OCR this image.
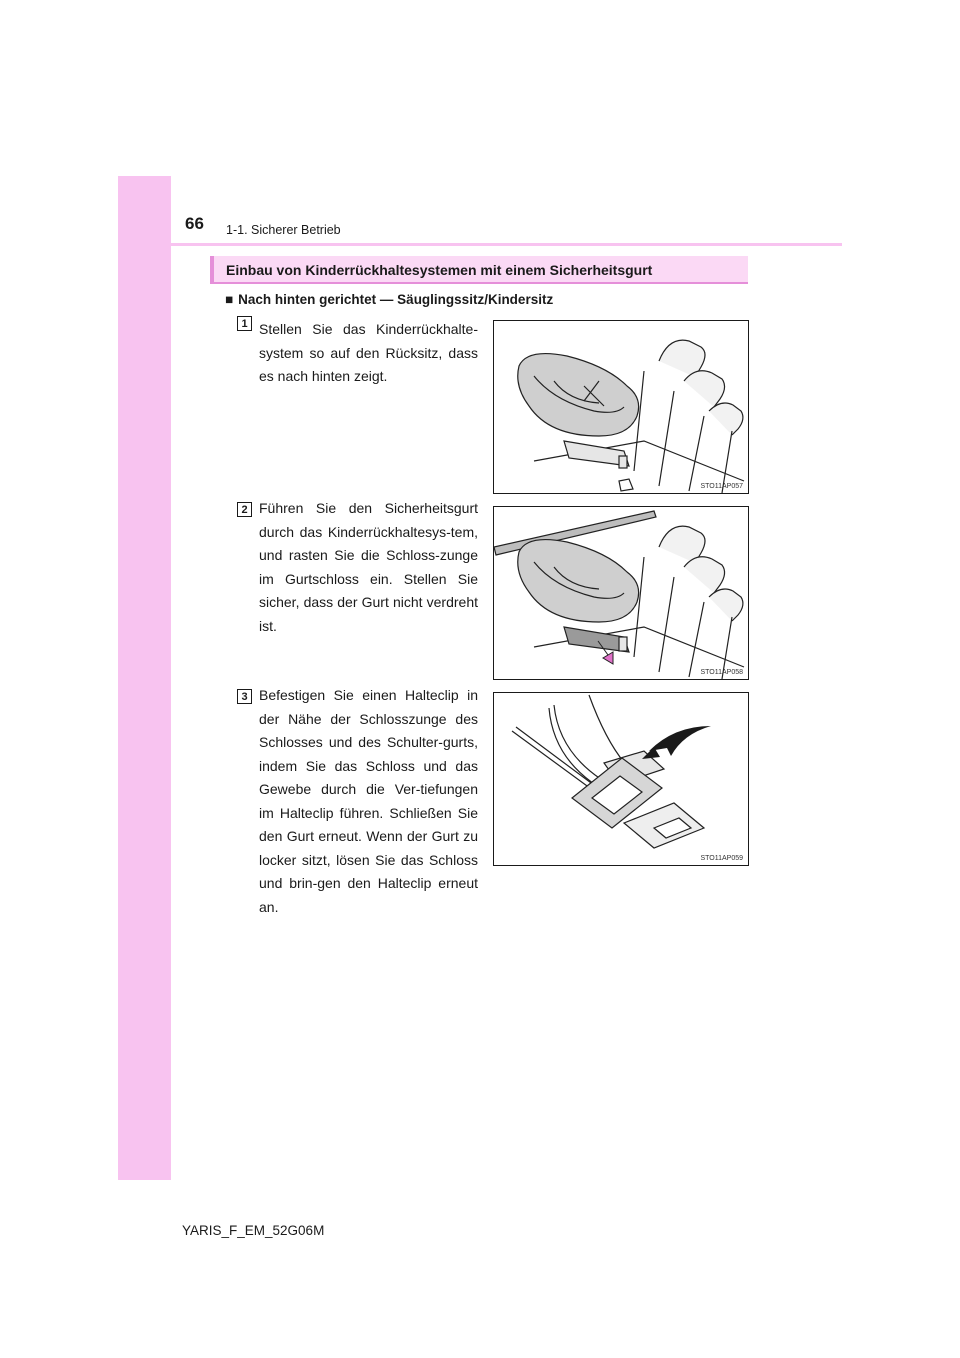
66 1-1. Sicherer Betrieb
Einbau von Kinderrückhaltesystemen mit einem Sicherheitsgurt
■ Nach hinten gerichtet — Säuglingssitz/Kindersitz
1 Stellen Sie das Kinderrückhalte-system so auf den Rücksitz, dass es nach hinten zeigt.
STO11AP057
2 Führen Sie den Sicherheitsgurt durch das Kinderrückhaltesys-tem, und rasten Sie die Schloss-zunge im Gurtschloss ein. Stellen Sie sicher, dass der Gurt nicht verdreht ist.
STO11AP058
3 Befestigen Sie einen Halteclip in der Nähe der Schlosszunge des Schlosses und des Schulter-gurts, indem Sie das Schloss und das Gewebe durch die Ver-tiefungen im Halteclip führen. Schließen Sie den Gurt erneut. Wenn der Gurt zu locker sitzt, lösen Sie das Schloss und brin-gen den Halteclip erneut an.
STO11AP059
YARIS_F_EM_52G06M
